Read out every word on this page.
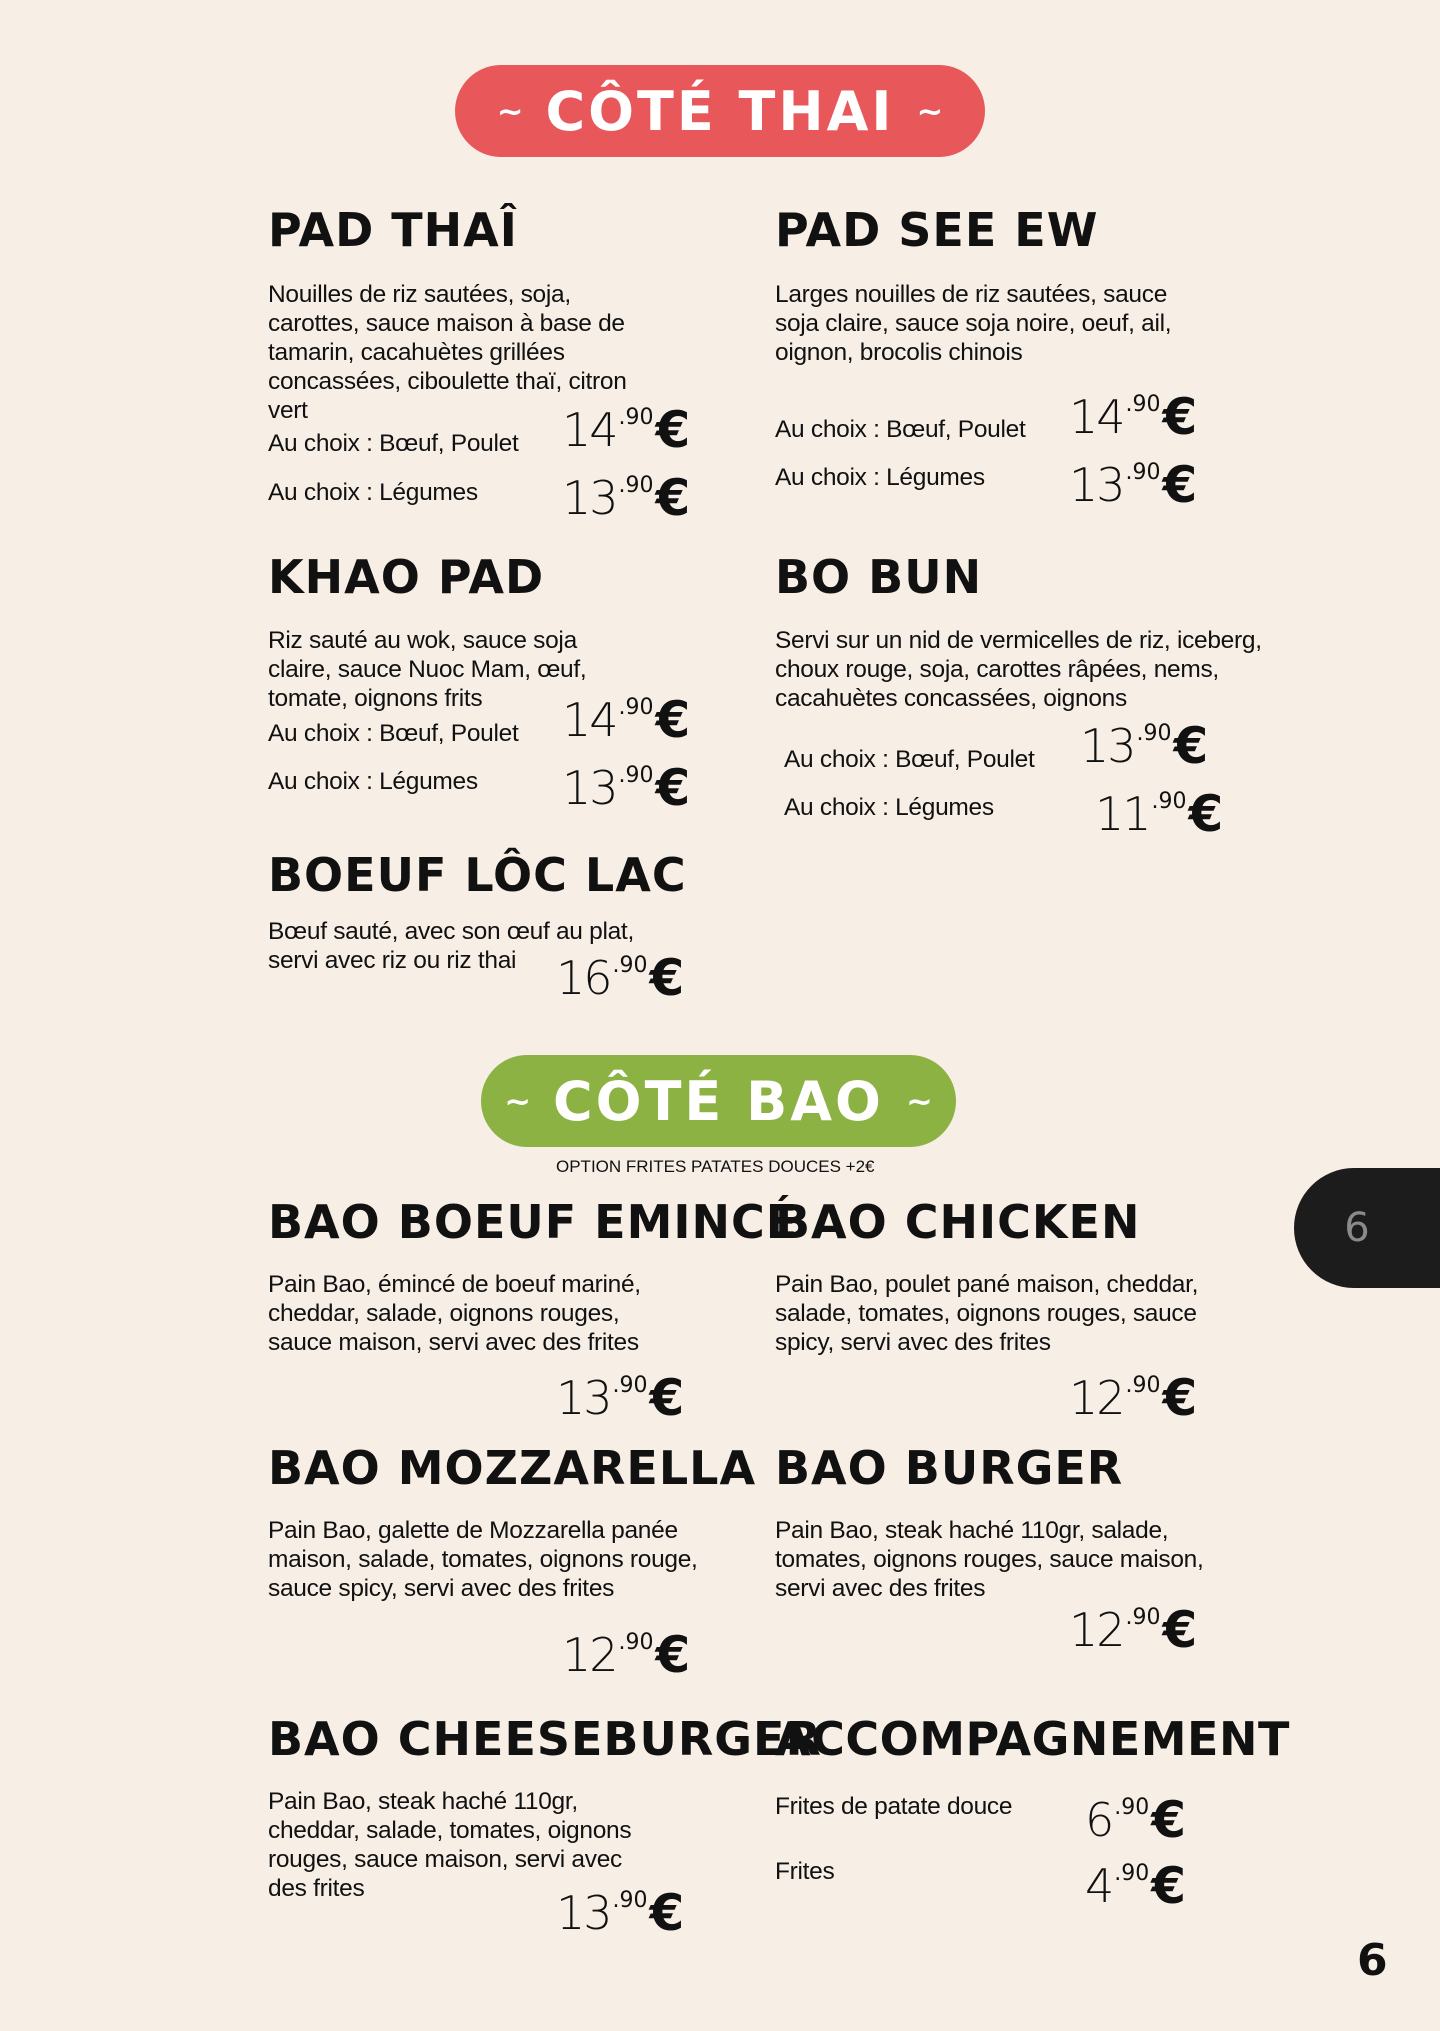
~ CÔTÉ THAI ~
~ CÔTÉ BAO ~
OPTION FRITES PATATES DOUCES +2€
PAD THAÎ
Nouilles de riz sautées, soja, carottes, sauce maison à base de tamarin, cacahuètes grillées concassées, ciboulette thaï, citron vert
Au choix : Bœuf, Poulet 14 .90 €
Au choix : Légumes 13 .90 €
PAD SEE EW
Larges nouilles de riz sautées, sauce soja claire, sauce soja noire, oeuf, ail, oignon, brocolis chinois
Au choix : Bœuf, Poulet 14 .90 €
Au choix : Légumes 13 .90 €
KHAO PAD
Riz sauté au wok, sauce soja claire, sauce Nuoc Mam, œuf, tomate, oignons frits
Au choix : Bœuf, Poulet 14 .90 €
Au choix : Légumes 13 .90 €
BO BUN
Servi sur un nid de vermicelles de riz, iceberg, choux rouge, soja, carottes râpées, nems, cacahuètes concassées, oignons
Au choix : Bœuf, Poulet 13 .90 €
Au choix : Légumes 11 .90 €
BOEUF LÔC LAC
Bœuf sauté, avec son œuf au plat, servi avec riz ou riz thai 16 .90 €
BAO BOEUF EMINCÉ
Pain Bao, émincé de boeuf mariné, cheddar, salade, oignons rouges, sauce maison, servi avec des frites
13 .90 €
BAO CHICKEN
Pain Bao, poulet pané maison, cheddar, salade, tomates, oignons rouges, sauce spicy, servi avec des frites
12 .90 €
BAO MOZZARELLA
Pain Bao, galette de Mozzarella panée maison, salade, tomates, oignons rouge, sauce spicy, servi avec des frites
12 .90 €
BAO BURGER
Pain Bao, steak haché 110gr, salade, tomates, oignons rouges, sauce maison, servi avec des frites
12 .90 €
BAO CHEESEBURGER
Pain Bao, steak haché 110gr, cheddar, salade, tomates, oignons rouges, sauce maison, servi avec des frites	13 .90 €
ACCOMPAGNEMENT
Frites de patate douce 6 .90 €
Frites	4 .90 €
6
6
